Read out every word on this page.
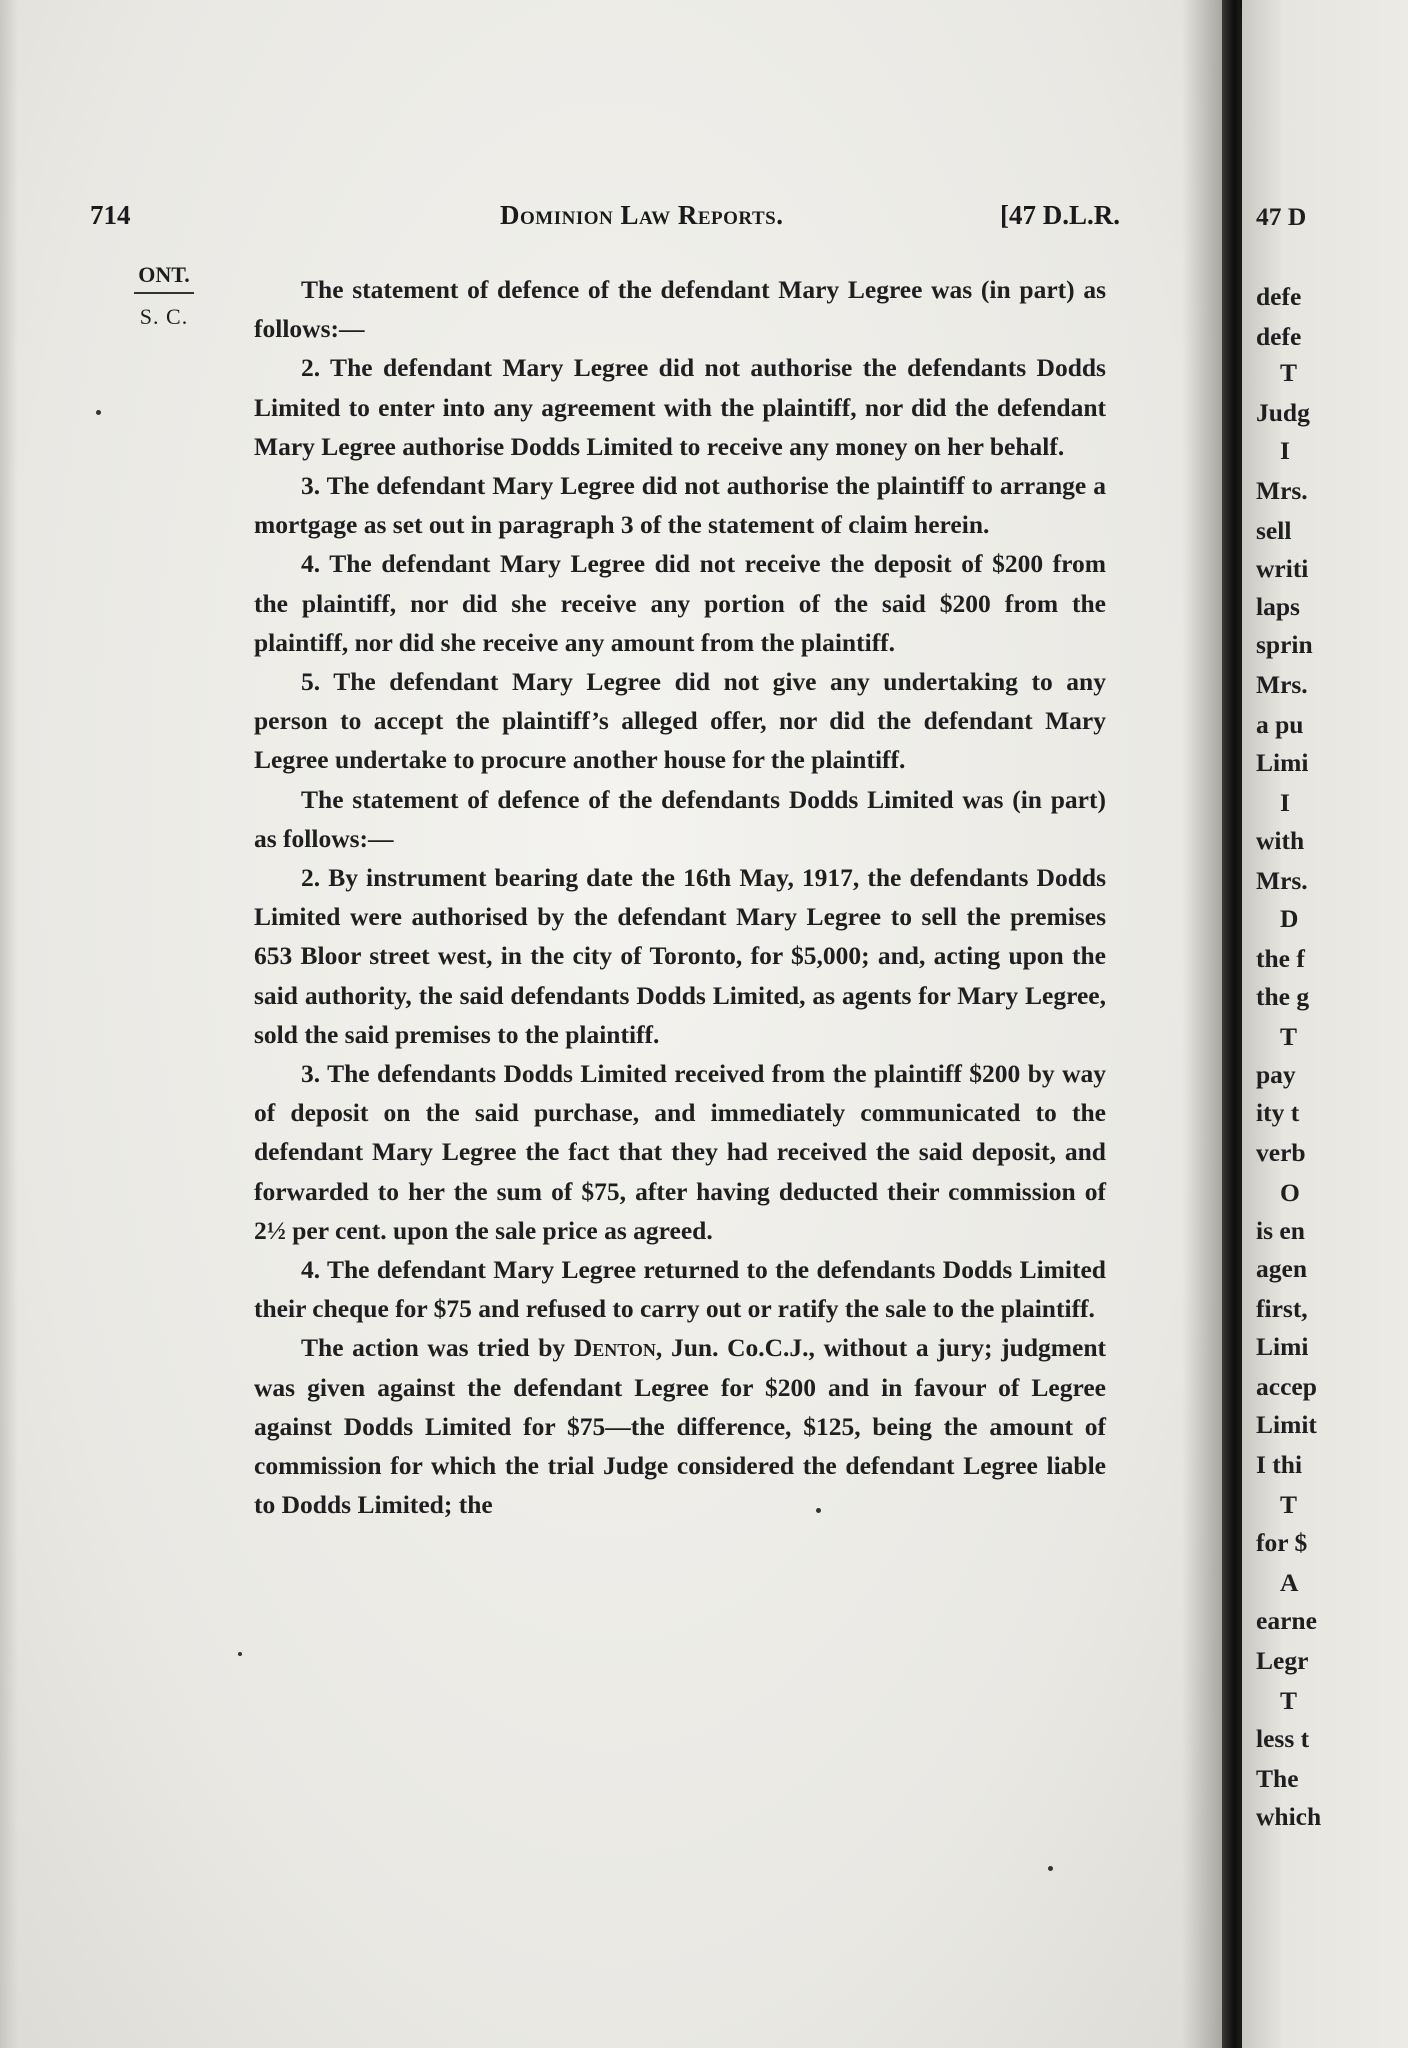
714	Dominion Law Reports.	[47 D.L.R.
ONT.
S. C.

The statement of defence of the defendant Mary Legree was (in part) as follows:—

2. The defendant Mary Legree did not authorise the defendants Dodds Limited to enter into any agreement with the plaintiff, nor did the defendant Mary Legree authorise Dodds Limited to receive any money on her behalf.

3. The defendant Mary Legree did not authorise the plaintiff to arrange a mortgage as set out in paragraph 3 of the statement of claim herein.

4. The defendant Mary Legree did not receive the deposit of $200 from the plaintiff, nor did she receive any portion of the said $200 from the plaintiff, nor did she receive any amount from the plaintiff.

5. The defendant Mary Legree did not give any undertaking to any person to accept the plaintiff’s alleged offer, nor did the defendant Mary Legree undertake to procure another house for the plaintiff.

The statement of defence of the defendants Dodds Limited was (in part) as follows:—

2. By instrument bearing date the 16th May, 1917, the defendants Dodds Limited were authorised by the defendant Mary Legree to sell the premises 653 Bloor street west, in the city of Toronto, for $5,000; and, acting upon the said authority, the said defendants Dodds Limited, as agents for Mary Legree, sold the said premises to the plaintiff.

3. The defendants Dodds Limited received from the plaintiff $200 by way of deposit on the said purchase, and immediately communicated to the defendant Mary Legree the fact that they had received the said deposit, and forwarded to her the sum of $75, after having deducted their commission of 2½ per cent. upon the sale price as agreed.

4. The defendant Mary Legree returned to the defendants Dodds Limited their cheque for $75 and refused to carry out or ratify the sale to the plaintiff.

The action was tried by Denton, Jun. Co.C.J., without a jury; judgment was given against the defendant Legree for $200 and in favour of Legree against Dodds Limited for $75—the difference, $125, being the amount of commission for which the trial Judge considered the defendant Legree liable to Dodds Limited; the

47 D
defe
defe
T
Judg
I
Mrs.
sell
writi
laps
sprin
Mrs.
a pu
Limi
I
with
Mrs.
D
the f
the g
T
pay
ity t
verb
O
is en
agen
first,
Limi
accep
Limit
I thi
T
for $
A
earne
Legr
T
less t
The
which
